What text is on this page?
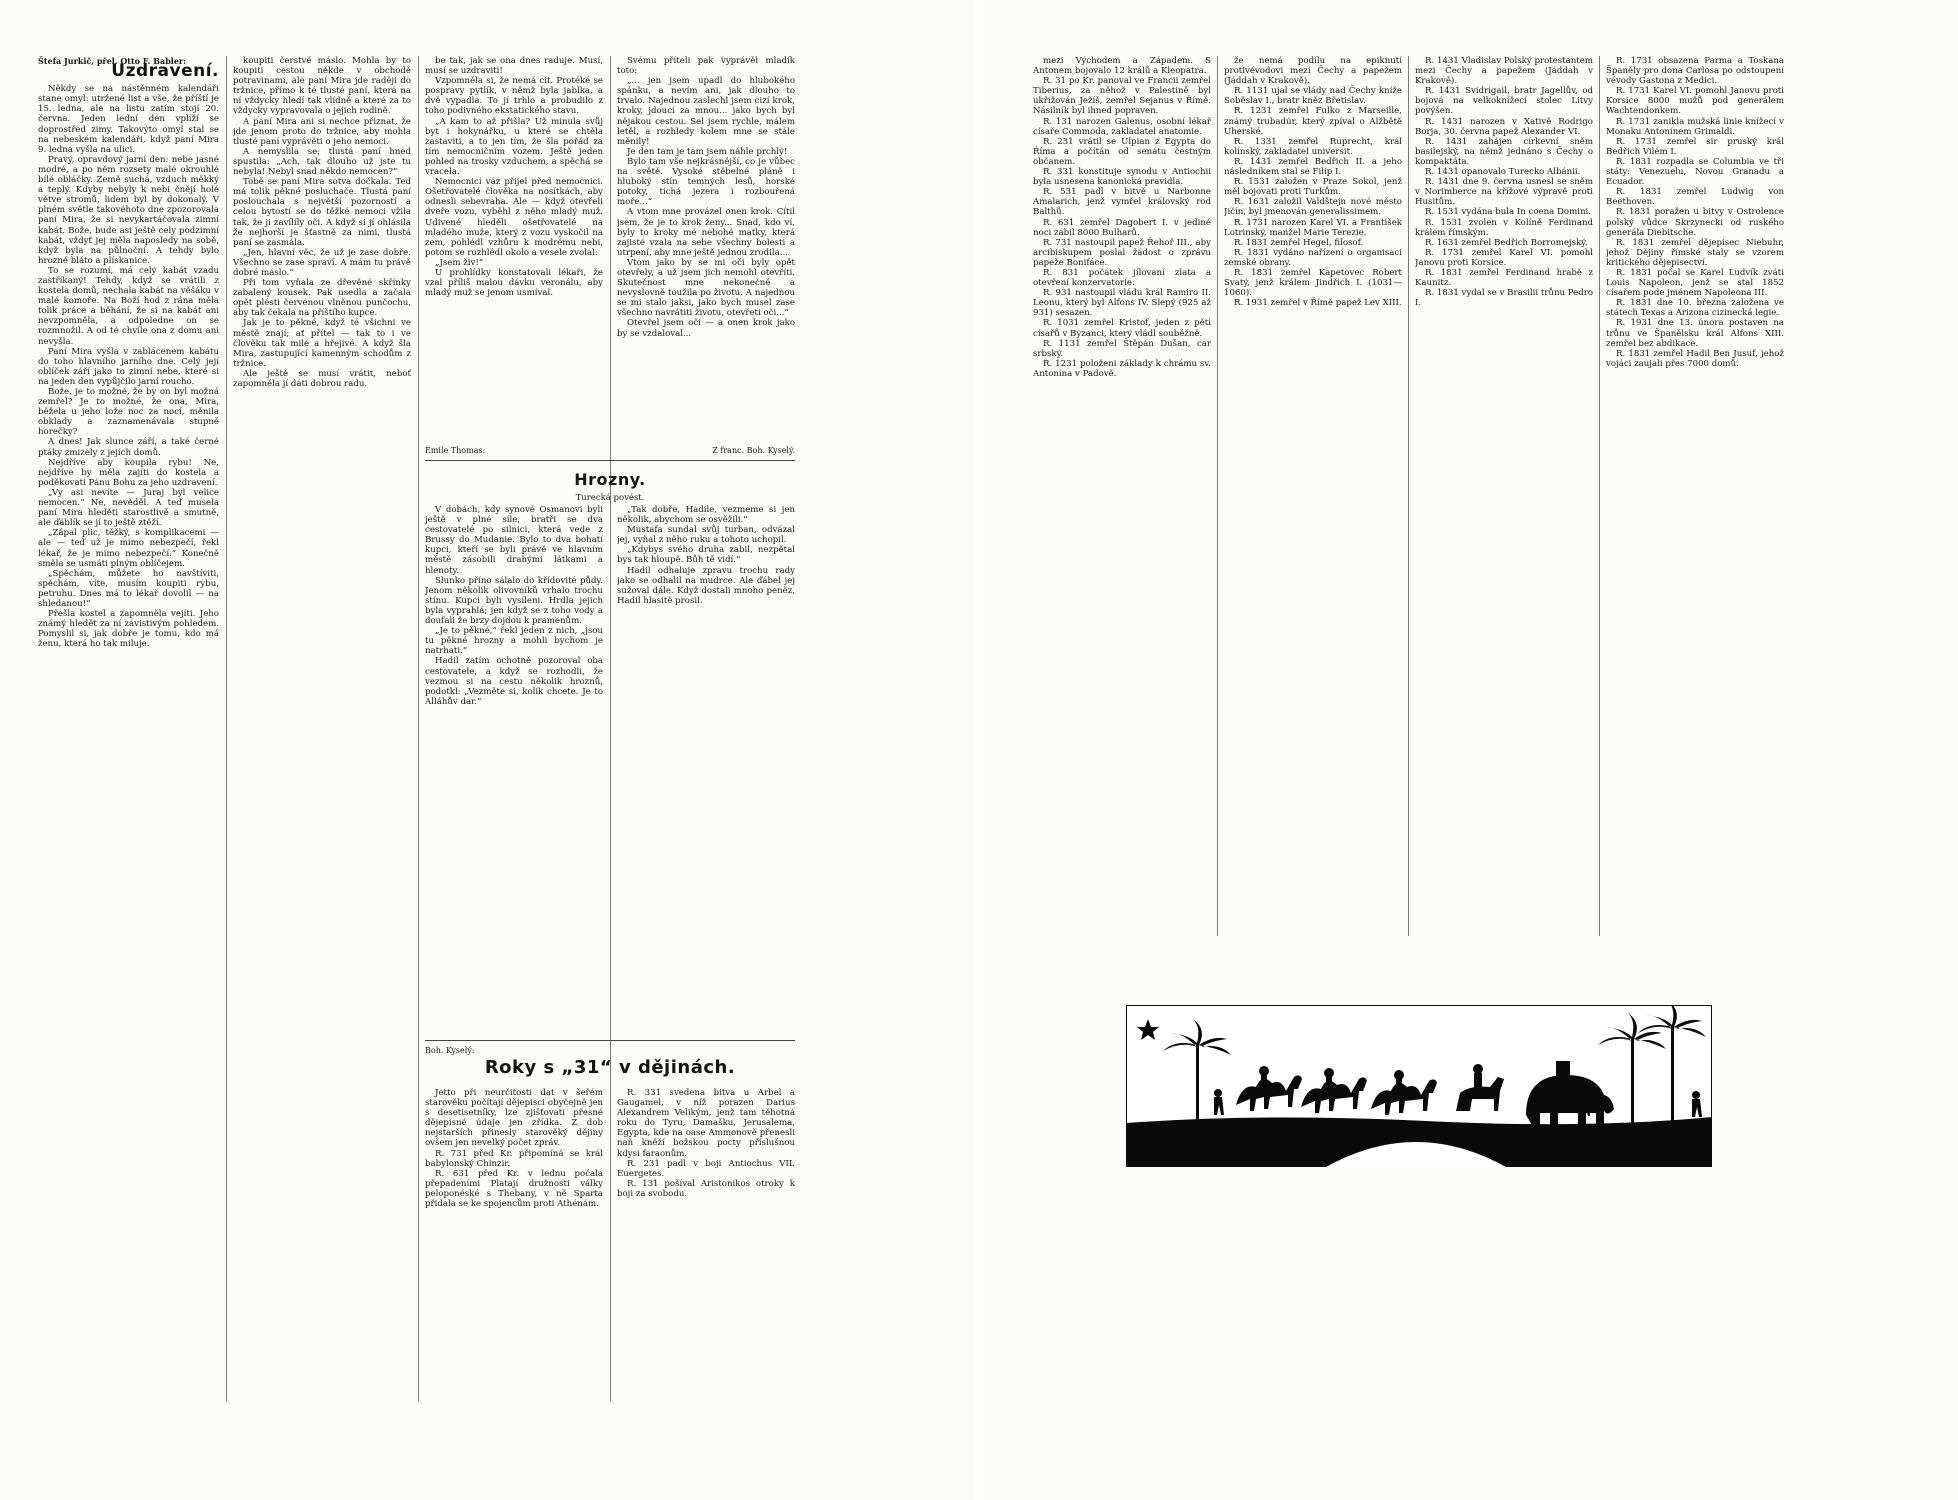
Štefa Jurkič, přel. Otto F. Babler:

Uzdravení.

Někdy se na nástěnném kalendáři stane omyl: utržené list a vše, že příští je 15. ledna, ale na listu zatím stojí 20. června. Jeden lední den vplíží se doprostřed zimy. Takovýto omyl stal se na nebeském kalendáři, když paní Mira 9. ledna vyšla na ulici.

Pravý, opravdový jarní den: nebe jasné modré, a po něm rozsety malé okrouhlé bílé obláčky. Země suchá, vzduch měkký a teplý. Kdyby nebyly k nebi čnějí holé větve stromů, lidem byl by dokonalý. V plném světle takovéhoto dne zpozorovala paní Mira, že si nevykartáčovala zimní kabát. Bože, bude asi ještě cely podzimní kabát, vždyť jej měla naposledy na sobě, když byla na půlnoční. A tehdy bylo hrozné bláto a plískanice.

To se rozumí, má celý kabát vzadu zastříkaný! Tehdy, když se vrátili z kostela domů, nechala kabát na věšáku v malé komoře. Na Boží hod z rána měla tolik práce a běhání, že si na kabát ani nevzpomněla, a odpoledne on se rozmnožil. A od té chvíle ona z domu ani nevyšla.

Paní Mira vyšla v zablácenem kabátu do toho hlavního jarního dne. Celý její oblíček září jako to zimní nebe, které si na jeden den vypůjčilo jarní roucho.

Bože, je to možné, že by on byl možná zemřel? Je to možné, že ona, Mira, běžela u jeho lože noc za nocí, měnila obklady a zaznamenávala stupně horečky?

A dnes! Jak slunce září, a také černé ptáky zmizely z jejích domů.

Nejdříve aby koupila rybu! Ne, nejdříve by měla zajíti do kostela a poděkovati Pánu Bohu za jeho uzdravení.

„Vy asi nevíte — Juraj byl velice nemocen.“ Ne, nevěděl. A teď musela paní Mira hleděti starostlivě a smutně, ale ďáblík se jí to ještě ztěží.

„Zápal plic, těžký, s komplikacemi — ale — teď už je mimo nebezpečí, řekl lékař, že je mimo nebezpečí.“ Konečně směla se usmáti plným oblíčejem.

„Spěchám, můžete ho navštíviti, spěchám, víte, musím koupiti rybu, petruhu. Dnes má to lékař dovolil — na shledanou!“

Přešla kostel a zapomněla vejíti. Jeho známý hledět za ní závistivým pohledem. Pomyslil si, jak dobře je tomu, kdo má ženu, která ho tak miluje.

koupiti čerstvé máslo. Mohla by to koupiti cestou někde v obchodě potravinami, ale paní Mira jde raději do tržnice, přímo k té tlusté paní, která na ní vždycky hledí tak vlídně a které za to vždycky vypravovala o jejich rodině.

A paní Mira ani si nechce přiznat, že jde jenom proto do tržnice, aby mohla tlusté paní vyprávěti o jeho nemoci.

A nemyslila se; tlustá paní hned spustila: „Ach, tak dlouho už jste tu nebyla! Nebyl snad někdo nemocen?“

Tobě se paní Mira sotva dočkala. Teď má tolik pěkné posluchače. Tlustá paní poslouchala s největší pozorností a celou bytostí se do těžké nemoci vžila tak, že ji zavílíly oči. A když si jí ohlásila že nejhorší je šťastně za nimi, tlustá paní se zasmála.

„Jen, hlavní věc, že už je zase dobře. Všechno se zase spraví. A mám tu právě dobré máslo.“

Při tom vyňala ze dřevěné skřínky zabalený kousek. Pak usedla a začala opět plésti červenou vlněnou punčochu, aby tak čekala na příštího kupce.

Jak je to pěkné, když té všichni ve městě znají; ať přítel — tak to i ve člověku tak milé a hřejivé. A když šla Mira, zastupující kamenným schodům z tržnice.

Ale ještě se musí vrátit, neboť zapomněla jí dáti dobrou radu.

be tak, jak se ona dnes raduje. Musí, musí se uzdraviti!

Vzpomněla si, že nemá cit. Protéké se pospravy pytlík, v němž byla jablka, a dvě vypadla. To jí trhlo a probudilo z toho podivného ekstatického stavu.

„A kam to až přišla? Už minula svůj byt i hokynářku, u které se chtěla zastaviti, a to jen tím, že šla pořád za tím nemocničním vozem. Ještě jeden pohled na trosky vzduchem, a spěchá se vracela.

Nemocnicí váz přijel před nemocnici. Ošetřovatelé člověka na nosítkách, aby odnesli sebevraha. Ale — když otevřeli dveře vozu, vyběhl z něho mladý muž. Udivené hleděli ošetřovatelé na mladého muže, který z vozu vyskočil na zem, pohlédl vzhůru k modrému nebi, potom se rozhlédl okolo a vesele zvolal:

„Jsem živ!“

U prohlídky konstatovali lékaři, že vzal příliš malou dávku veronálu, aby mladý muž se jenom usmíval.

Svému příteli pak vyprávěl mladík toto:

„... jen jsem upadl do hlubokého spánku, a nevím ani, jak dlouho to trvalo. Najednou zaslechl jsem cizí krok, kroky, jdoucí za mnou... jako bych byl nějakou cestou. Sel jsem rychle, málem letěl, a rozhledy kolem mne se stále měnily!

Je den tam je tam jsem náhle prchlý!

Bylo tam vše nejkrásnější, co je vůbec na světě. Vysoké stěbelné pláně i hluboký stín temných lesů, horské potoky, tichá jezera i rozbouřená moře...“

A vtom mne provázel onen krok. Cítil jsem, že je to krok ženy... Snad, kdo ví, byly to kroky mé nebohé matky, která zajisté vzala na sebe všechny bolesti a utrpení, aby mne ještě jednou zrodila...

Vtom jako by se mi oči byly opět otevřely, a už jsem jich nemohl otevříti. Skutečnost mne nekonečně a nevyslovně toužila po životu. A najednou se mi stalo jaksi, jako bych musel zase všechno navrátiti životu, otevřeti oči...“

Otevřel jsem oči — a onen krok jako by se vzdaloval...

Emile Thomas:	Z franc. Boh. Kyselý.
Hrozny.
Turecká povést.

V dobách, kdy synové Osmanovi byli ještě v plné síle, bratři se dva cestovatelé po silnici, která vede z Brussy do Mudanie. Bylo to dva bohatí kupci, kteří se byli právě ve hlavním městě zásobili drahými látkami a hlenoty.

Slunko příno sálalo do křídovité půdy. Jenom několik olivovníků vrhalo trochu stínu. Kupci byli vysíleni. Hrdla jejich byla vyprahlá; jen když se z toho vody a doufali že brzy dojdou k pramenům.

„Je to pěkné,“ řekl jeden z nich, „jsou tu pěkné hrozny a mohli bychom je natrhati.“

Hadil zatím ochotně pozoroval oba cestovatele, a když se rozhodli, že vezmou si na cestu několik hroznů, podotkl: „Vezměte si, kolik chcete. Je to Alláhův dar.“

„Tak dobře, Hadile, vezmeme si jen několik, abychom se osvěžili.“

Mustafa sundal svůj turban, odvázal jej, vyňal z něho ruku a tohoto uchopil.

„Kdybys svého druha zabil, nezpětal bys tak hloupě. Bůh tě vidí.“

Hadil odhaluje zpravu trochu rady jako se odhalil na mudrce. Ale ďábel jej sužoval dále. Když dostali mnoho peněz, Hadil hlasitě prosil.

Boh. Kyselý:
Roky s „31“ v dějinách.

Jetto při neurčitosti dat v šeřém starověku počítají dějepisci obyčejně jen s desetisetníky, lze zjišťovati přesné dějepisné údaje jen zřídka. Z dob nejstarších přinesly starověký dějiny ovšem jen nevelký počet zpráv.

R. 731 před Kr. připomíná se král babylonský Chinzir.

R. 631 před Kr. v lednu počala přepadeními Platají družnosti války peloponéské s Thebany, v ně Sparta přidala se ke spojencům proti Athénám.

R. 331 svedena bitva u Arbel a Gaugamel, v níž porazen Darius Alexandrem Velikým, jenž tam těhotná roku do Tyru, Damašku, Jerusalema, Egypta, kde na oase Ammonově přenesli naň kněží božskou pocty příslušnou kdysi faraonům.

R. 231 padl v boji Antiochus VII. Euergetes.

R. 131 pošíval Aristonikos otroky k boji za svobodu.

mezi Východem a Západem. S Antonem bojovalo 12 králů a Kleopatra.

R. 31 po Kr. panoval ve Francii zemřel Tiberius, za něhož v Palestině byl ukřižován Ježíš, zemřel Sejanus v Římě. Násilník byl ihned popraven.

R. 131 narozen Galenus, osobní lékař císaře Commoda, zakladatel anatomie.

R. 231 vrátil se Ulpian z Egypta do Říma a počítán od senátu čestným občanem.

R. 331 konstituje synodu v Antiochii byla usnesena kanonická pravidla.

R. 531 padl v bitvě u Narbonne Amalarich, jenž vymřel královský rod Balthů.

R. 631 zemřel Dagobert I. v jediné noci zabil 8000 Bulharů.

R. 731 nastoupil papež Řehoř III., aby arcibiskupem poslal žádost o zprávu papeže Bonifáce.

R. 831 počátek jílovaní zlata a otevření konzervatorie.

R. 931 nastoupil vládu král Ramiro II. Leonu, který byl Alfons IV. Slepý (925 až 931) sesazen.

R. 1031 zemřel Kristof, jeden z pěti císařů v Byzanci, který vládl souběžně.

R. 1131 zemřel Štěpán Dušan, car srbský.

R. 1231 položeni základy k chrámu sv. Antonína v Padově.

že nemá podílu na epiknutí protivévodovi mezi Čechy a papežem (Jáddah v Krakově).

R. 1131 ujal se vlády nad Čechy kníže Soběslav I., bratr kněz Břetislav.

R. 1231 zemřel Fulko z Marseille, známý trubadúr, který zpíval o Alžbětě Uherské.

R. 1331 zemřel Ruprecht, král kolínský, zakladatel universit.

R. 1431 zemřel Bedřich II. a jeho následníkem stal se Filip I.

R. 1531 založen v Praze Sokol, jenž měl bojovati proti Turkům.

R. 1631 založil Valdštejn nové město Jičín, byl jmenován generalissimem.

R. 1731 narozen Karel VI. a František Lotrinský, manžel Marie Terezie.

R. 1831 zemřel Hegel, filosof.

R. 1831 vydáno nařízení o organisaci zemské obrany.

R. 1831 zemřel Kapetovec Robert Svatý, jenž králem Jindřich I. (1031—1060).

R. 1931 zemřel v Římě papež Lev XIII.

R. 1431 Vladislav Polský protestantem mezi Čechy a papežem (Jáddah v Krakově).

R. 1431 Svidrigail, bratr Jagellův, od bojová na velkoknížecí stolec Litvy povýšen.

R. 1431 narozen v Xativě Rodrigo Borja, 30. června papež Alexander VI.

R. 1431 zahájen církevní sněm basilejský, na němž jednáno s Čechy o kompaktáta.

R. 1431 opanovalo Turecko Albánii.

R. 1431 dne 9. června usnesl se sněm v Norimberce na křížové výpravě proti Husitům.

R. 1531 vydána bula In coena Domini.

R. 1531 zvolen v Kolíně Ferdinand králem římským.

R. 1631 zemřel Bedřich Borromejský.

R. 1731 zemřel Karel VI. pomohl Janovu proti Korsice.

R. 1831 zemřel Ferdinand hrabě z Kaunitz.

R. 1831 vydal se v Brasilii trůnu Pedro I.

R. 1731 obsazena Parma a Toskana Španěly pro dona Carlosa po odstoupení vévody Gastona z Medici.

R. 1731 Karel VI. pomohl Janovu proti Korsice 8000 mužů pod generálem Wachtendonkem.

R. 1731 zanikla mužská linie knížecí v Monaku Antonínem Grimaldi.

R. 1731 zemřel sir pruský král Bedřich Vilém I.

R. 1831 rozpadla se Columbia ve tři státy: Venezuelu, Novou Granadu a Ecuador.

R. 1831 zemřel Ludwig von Beethoven.

R. 1831 poražen u bitvy v Ostrolence polský vůdce Skrzynecki od ruského generála Diebitsche.

R. 1831 zemřel dějepisec Niebuhr, jehož Dějiny římské staly se vzorem kritického dějepisectví.

R. 1831 počal se Karel Ludvík zváti Louis Napoleon, jenž se stal 1852 císařem pode jménem Napoleona III.

R. 1831 dne 10. března založena ve státech Texas a Arizona cizinecká legie.

R. 1931 dne 13. února postaven na trůnu ve Španělsku král Alfons XIII. zemřel bez abdikace.

R. 1831 zemřel Hadil Ben Jusuf, jehož vojáci zaujali přes 7000 domů.
